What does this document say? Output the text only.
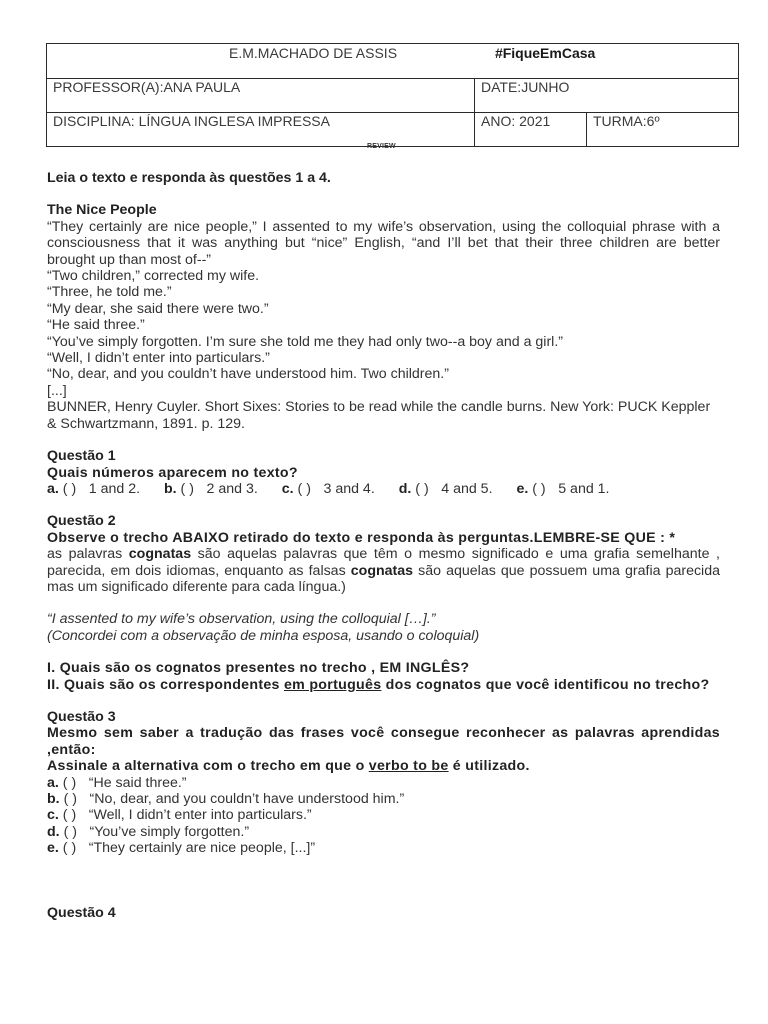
E.M.MACHADO DE ASSIS #FiqueEmCasa		
PROFESSOR(A):ANA PAULA	DATE:JUNHO	
DISCIPLINA: LÍNGUA INGLESA IMPRESSA	ANO: 2021	TURMA:6º
REVIEW

Leia o texto e responda às questões 1 a 4.

The Nice People

“They certainly are nice people,” I assented to my wife’s observation, using the colloquial phrase with a consciousness that it was anything but “nice” English, “and I’ll bet that their three children are better brought up than most of--”

“Two children,” corrected my wife.

“Three, he told me.”

“My dear, she said there were two.”

“He said three.”

“You’ve simply forgotten. I’m sure she told me they had only two--a boy and a girl.”

“Well, I didn’t enter into particulars.”

“No, dear, and you couldn’t have understood him. Two children.”

[...]

BUNNER, Henry Cuyler. Short Sixes: Stories to be read while the candle burns. New York: PUCK Keppler & Schwartzmann, 1891. p. 129.

Questão 1

Quais números aparecem no texto?

a. ( ) 1 and 2. b. ( ) 2 and 3. c. ( ) 3 and 4. d. ( ) 4 and 5. e. ( ) 5 and 1.

Questão 2

Observe o trecho ABAIXO retirado do texto e responda às perguntas.LEMBRE-SE QUE : *

as palavras cognatas são aquelas palavras que têm o mesmo significado e uma grafia semelhante , parecida, em dois idiomas, enquanto as falsas cognatas são aquelas que possuem uma grafia parecida mas um significado diferente para cada língua.)

“I assented to my wife’s observation, using the colloquial […].”

(Concordei com a observação de minha esposa, usando o coloquial)

I. Quais são os cognatos presentes no trecho , EM INGLÊS?

II. Quais são os correspondentes em português dos cognatos que você identificou no trecho?

Questão 3

Mesmo sem saber a tradução das frases você consegue reconhecer as palavras aprendidas ,então:

Assinale a alternativa com o trecho em que o verbo to be é utilizado.

a. ( ) “He said three.”

b. ( ) “No, dear, and you couldn’t have understood him.”

c. ( ) “Well, I didn’t enter into particulars.”

d. ( ) “You’ve simply forgotten.”

e. ( ) “They certainly are nice people, [...]”

Questão 4
